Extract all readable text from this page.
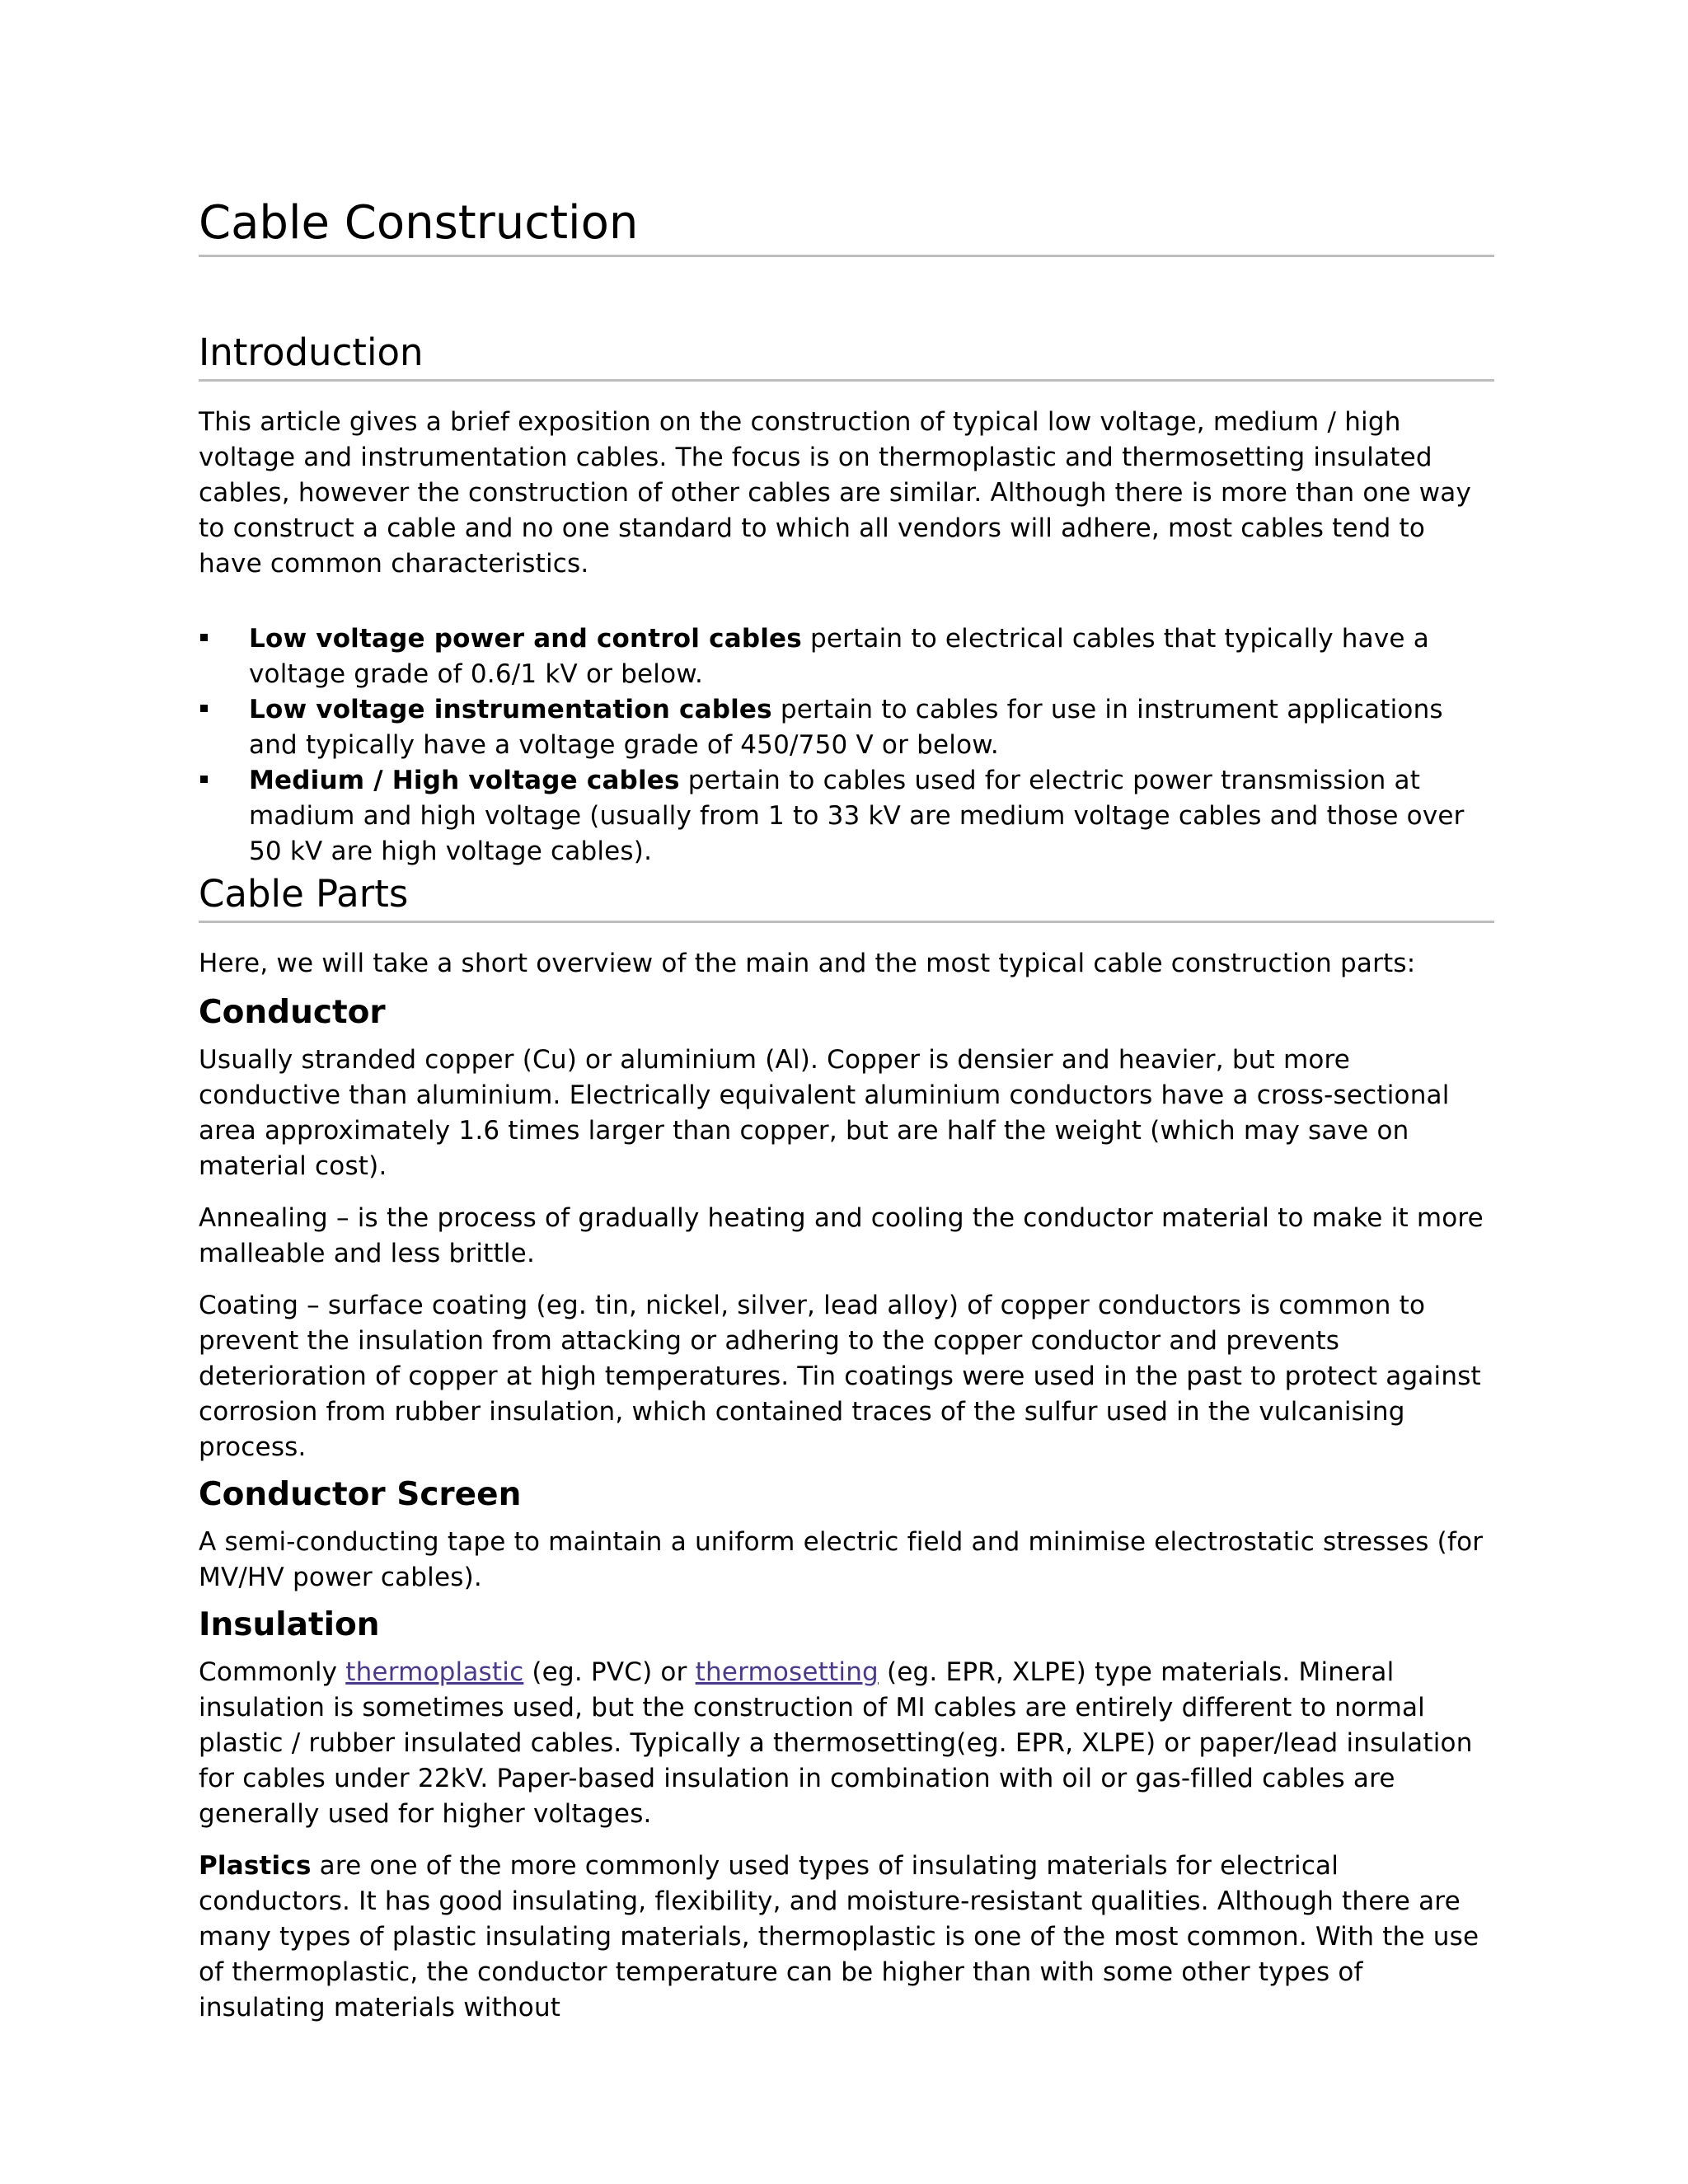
Cable Construction
Introduction

This article gives a brief exposition on the construction of typical low voltage, medium / high voltage and instrumentation cables. The focus is on thermoplastic and thermosetting insulated cables, however the construction of other cables are similar. Although there is more than one way to construct a cable and no one standard to which all vendors will adhere, most cables tend to have common characteristics.

Low voltage power and control cables pertain to electrical cables that typically have a voltage grade of 0.6/1 kV or below.
Low voltage instrumentation cables pertain to cables for use in instrument applications and typically have a voltage grade of 450/750 V or below.
Medium / High voltage cables pertain to cables used for electric power transmission at madium and high voltage (usually from 1 to 33 kV are medium voltage cables and those over 50 kV are high voltage cables).
Cable Parts

Here, we will take a short overview of the main and the most typical cable construction parts:

Conductor

Usually stranded copper (Cu) or aluminium (Al). Copper is densier and heavier, but more conductive than aluminium. Electrically equivalent aluminium conductors have a cross-sectional area approximately 1.6 times larger than copper, but are half the weight (which may save on material cost).

Annealing – is the process of gradually heating and cooling the conductor material to make it more malleable and less brittle.

Coating – surface coating (eg. tin, nickel, silver, lead alloy) of copper conductors is common to prevent the insulation from attacking or adhering to the copper conductor and prevents deterioration of copper at high temperatures. Tin coatings were used in the past to protect against corrosion from rubber insulation, which contained traces of the sulfur used in the vulcanising process.

Conductor Screen

A semi-conducting tape to maintain a uniform electric field and minimise electrostatic stresses (for MV/HV power cables).

Insulation

Commonly thermoplastic (eg. PVC) or thermosetting (eg. EPR, XLPE) type materials. Mineral insulation is sometimes used, but the construction of MI cables are entirely different to normal plastic / rubber insulated cables. Typically a thermosetting(eg. EPR, XLPE) or paper/lead insulation for cables under 22kV. Paper-based insulation in combination with oil or gas-filled cables are generally used for higher voltages.

Plastics are one of the more commonly used types of insulating materials for electrical conductors. It has good insulating, flexibility, and moisture-resistant qualities. Although there are many types of plastic insulating materials, thermoplastic is one of the most common. With the use of thermoplastic, the conductor temperature can be higher than with some other types of insulating materials without
